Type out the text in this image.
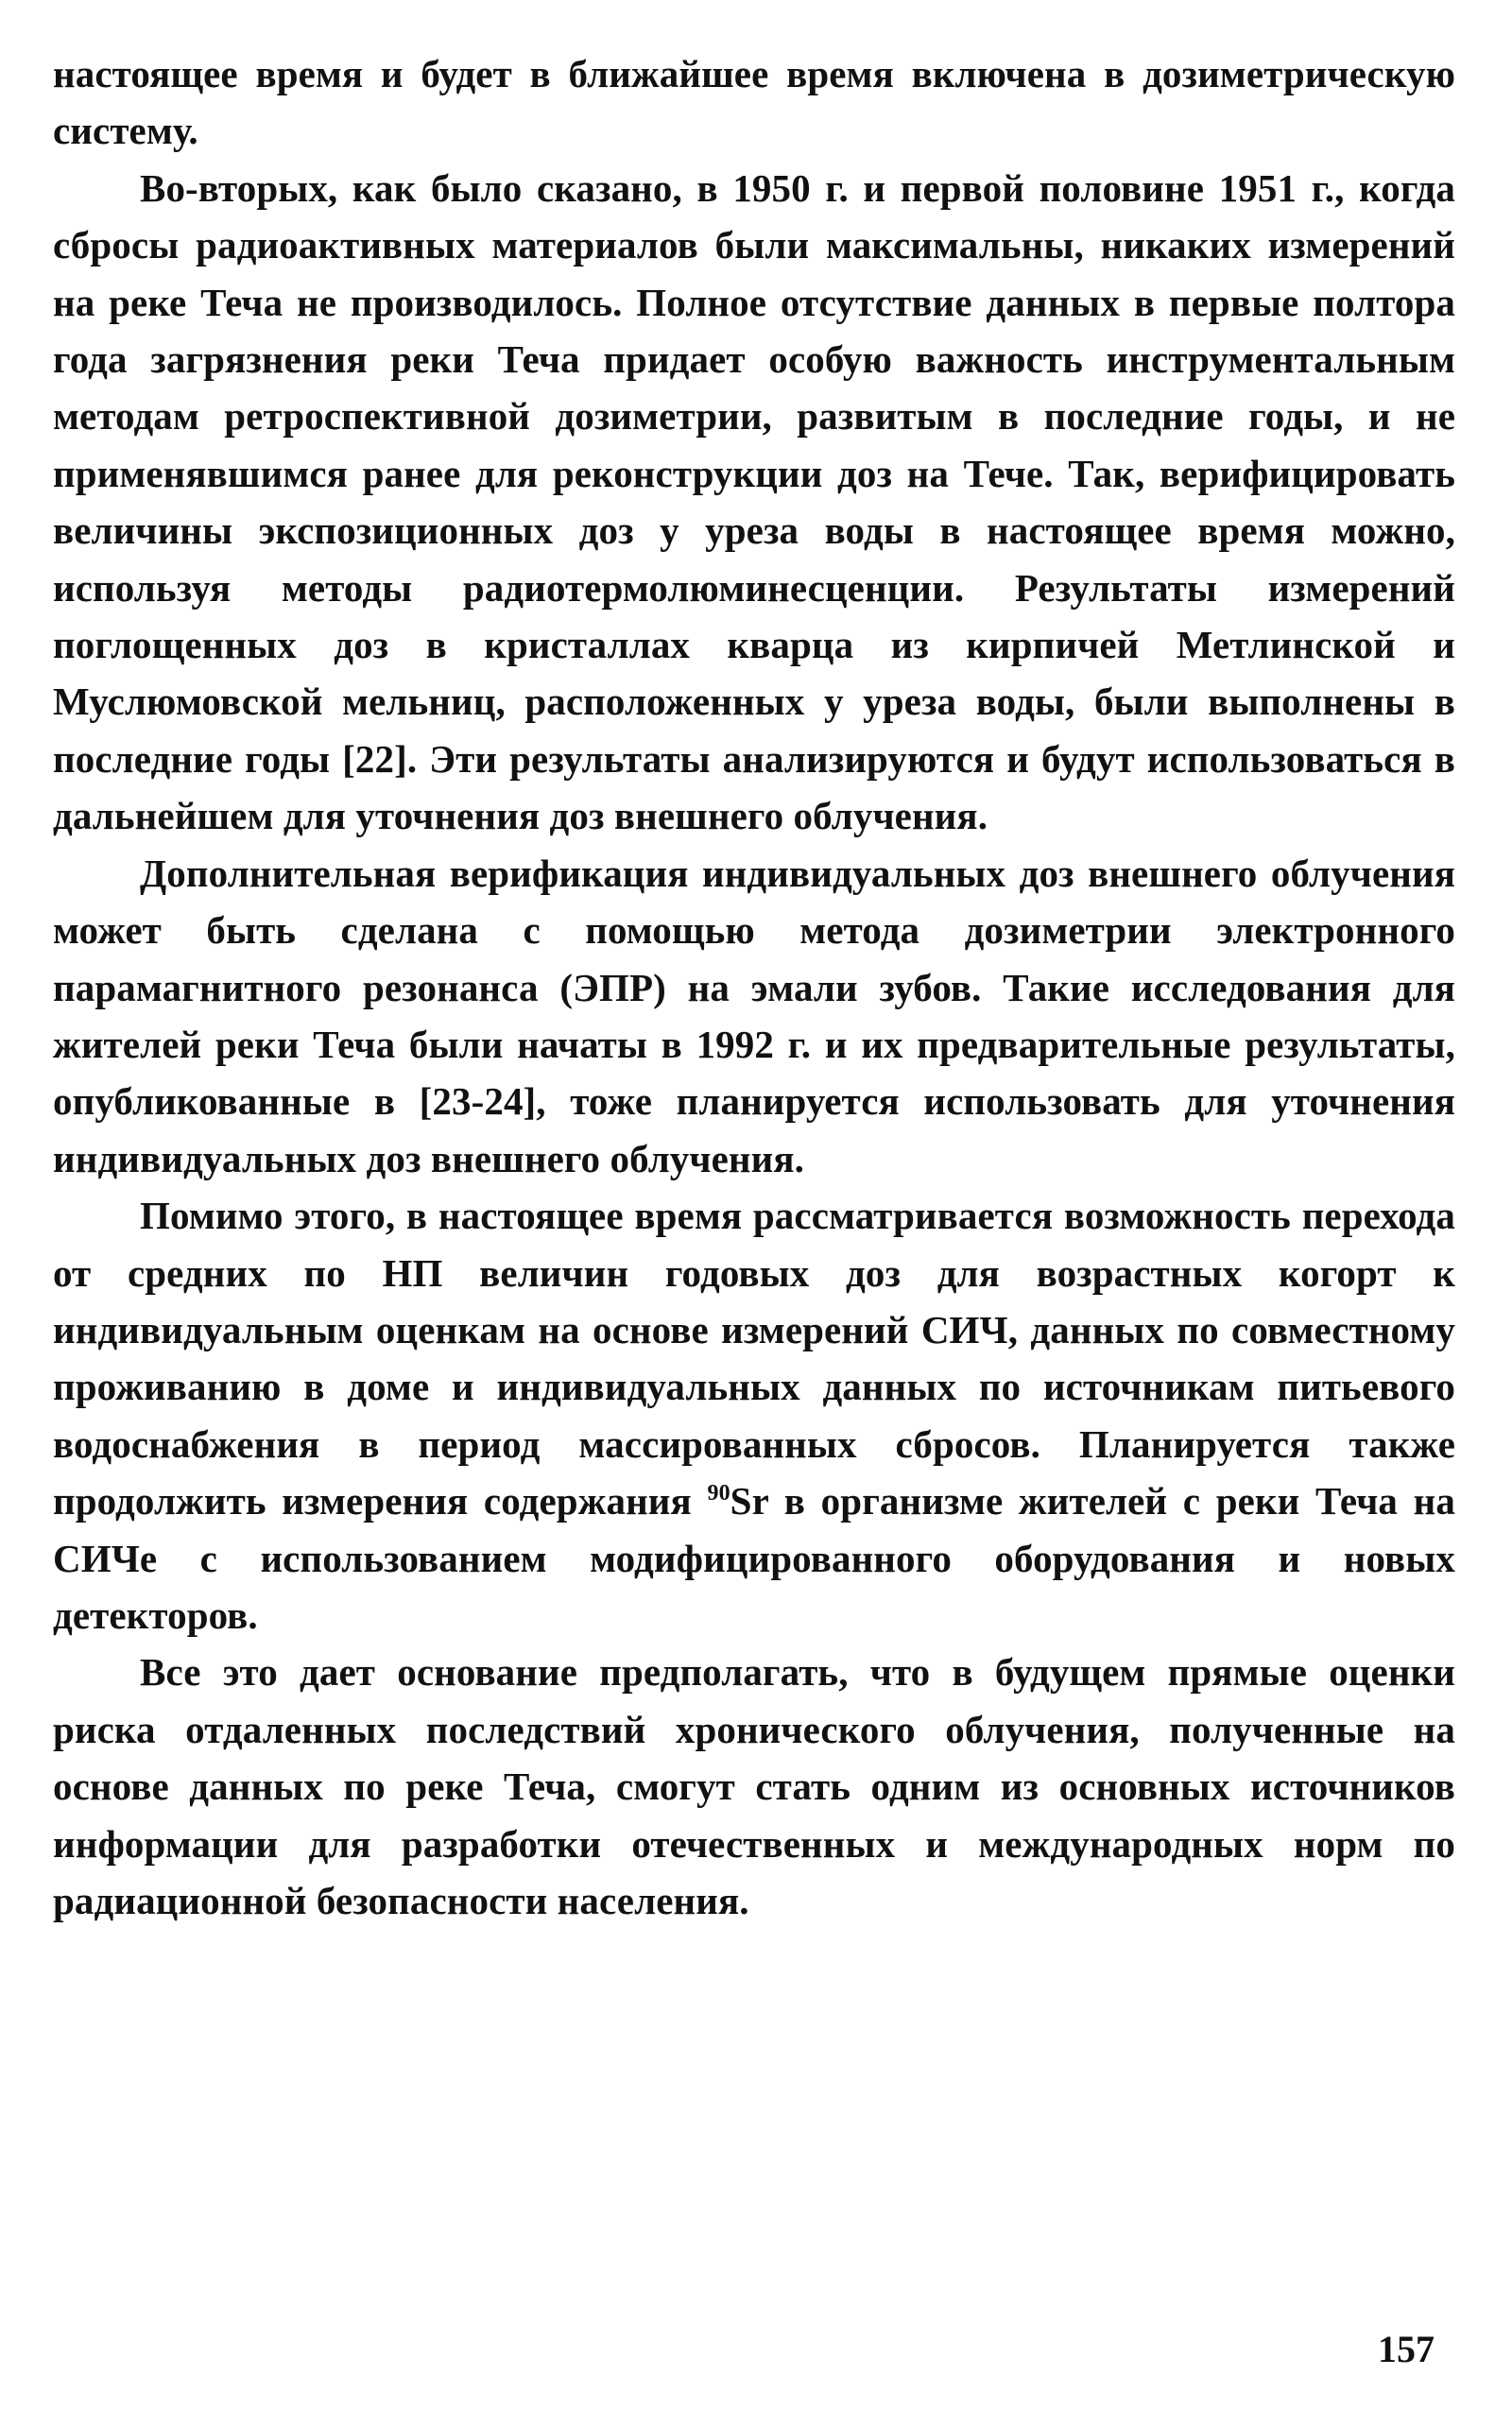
настоящее время и будет в ближайшее время включена в дозиметрическую систему.

Во-вторых, как было сказано, в 1950 г. и первой половине 1951 г., когда сбросы радиоактивных материалов были максимальны, никаких измерений на реке Теча не производилось. Полное отсутствие данных в первые полтора года загрязнения реки Теча придает особую важность инструментальным методам ретроспективной дозиметрии, развитым в последние годы, и не применявшимся ранее для реконструкции доз на Тече. Так, верифицировать величины экспозиционных доз у уреза воды в настоящее время можно, используя методы радиотермолюминесценции. Результаты измерений поглощенных доз в кристаллах кварца из кирпичей Метлинской и Муслюмовской мельниц, расположенных у уреза воды, были выполнены в последние годы [22]. Эти результаты анализируются и будут использоваться в дальнейшем для уточнения доз внешнего облучения.

Дополнительная верификация индивидуальных доз внешнего облучения может быть сделана с помощью метода дозиметрии электронного парамагнитного резонанса (ЭПР) на эмали зубов. Такие исследования для жителей реки Теча были начаты в 1992 г. и их предварительные результаты, опубликованные в [23-24], тоже планируется использовать для уточнения индивидуальных доз внешнего облучения.

Помимо этого, в настоящее время рассматривается возможность перехода от средних по НП величин годовых доз для возрастных когорт к индивидуальным оценкам на основе измерений СИЧ, данных по совместному проживанию в доме и индивидуальных данных по источникам питьевого водоснабжения в период массированных сбросов. Планируется также продолжить измерения содержания $^{90}$Sr в организме жителей с реки Теча на СИЧе с использованием модифицированного оборудования и новых детекторов.

Все это дает основание предполагать, что в будущем прямые оценки риска отдаленных последствий хронического облучения, полученные на основе данных по реке Теча, смогут стать одним из основных источников информации для разработки отечественных и международных норм по радиационной безопасности населения.

157
